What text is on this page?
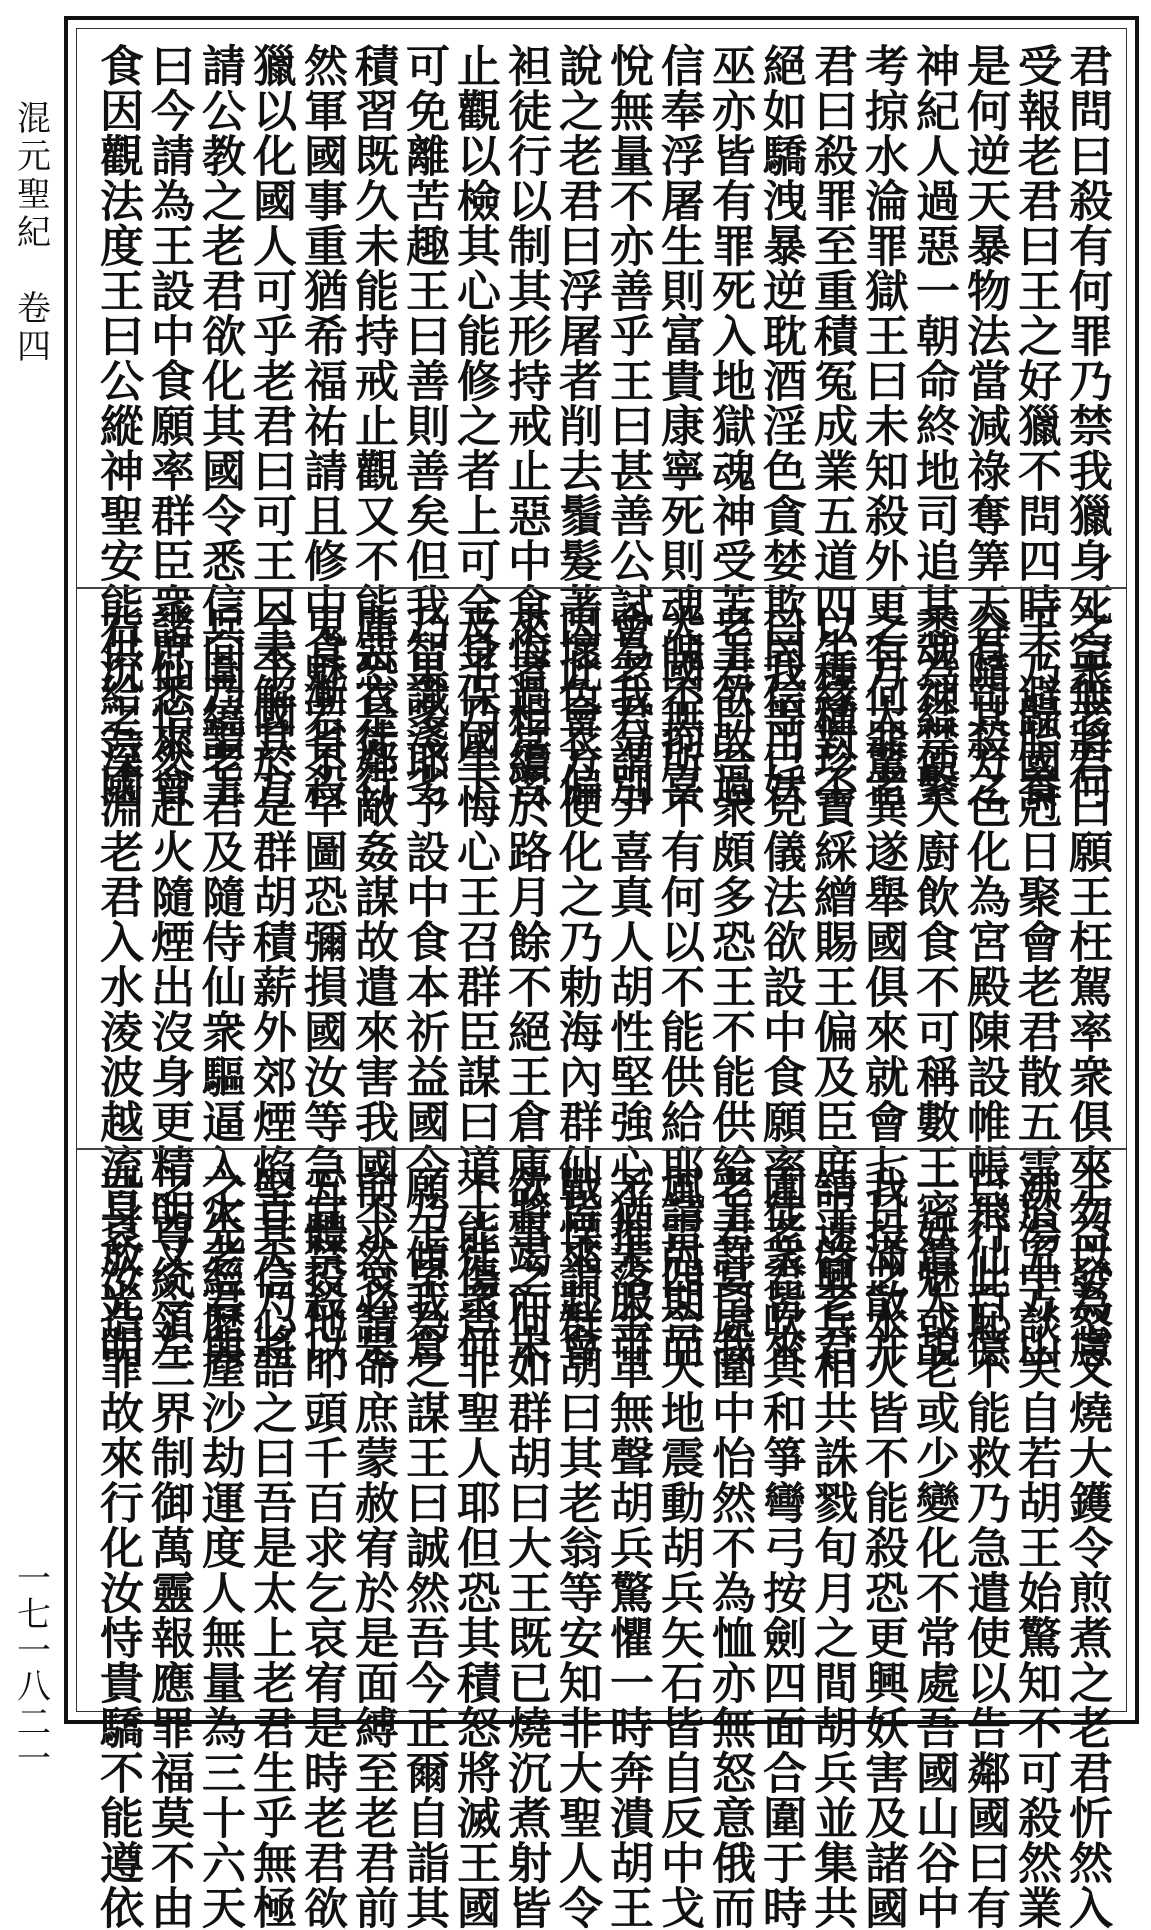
混元聖紀　卷四
一七一八二一
君問曰殺有何罪乃禁我獵身死空無將何
受報老君曰王之好獵不問四時不避胎養
是何逆天暴物法當減祿奪筭天有司殺之
神紀人過惡一朝命終地司追其魂神禁繫
考掠水淪罪獄王曰未知殺外更有何罪老
君曰殺罪至重積冤成業五道四生緣對不
絕如驕洩暴逆耽酒淫色貪婪欺罔信用妖
巫亦皆有罪死入地獄魂神受苦王欲改過
信奉浮屠生則富貴康寧死則魂魄不拘喜
悅無量不亦善乎王曰甚善公試為我分別
說之老君曰浮屠者削去鬚髮著壞色衣偏
袒徒行以制其形持戒止惡中食悔過常習
止觀以檢其心能修之者上可全身保國下
可免離苦趣王曰善則善矣但我智識淺劣
積習既久未能持戒止觀又不能惡衣徒行
然軍國事重猶希福祐請且修中食漸省殺
獵以化國人可乎老君曰可王曰未解其方
請公教之老君欲化其國令悉信向乃謂王
曰今請為王設中食願率群臣衆庶悉來會
食因觀法度王曰公縱神聖安能供給吾國
之衆老君曰願王枉駕率衆俱來勿以為慮
王乃歸國尅日聚會老君散五雲於五方山
谷隨其方色化為宮殿陳設帷帳飛仙百億
悉為給使天廚飲食不可稱數王密遣人覘
之方大驚異遂舉國俱來就會七日滿散并
以種種珍寶綵繒賜王偏及臣庶王啓老君
曰我等已見儀法欲設中食願率徒衆皆來
老君曰吾衆頗多恐王不能供給王許曰我
大國無所不有何以不能供給耶請尅期而
會老君謂尹喜真人胡性堅強心猶未服可
因此會方便化之乃勅海內群仙皆來赴會
來者相續於路月餘不絕王倉庫將竭而未
及半乃生悔心王召群臣謀曰道士徒衆何
乃果多耶予設中食本祈益國今乃傾我倉
庫恐是鄰敵姦謀故遣來害我國不然必是
鬼魅若不早圖恐彌損國汝等急宜禁殺以
全予國於是群胡積薪外郊煙焰亘天乃將
兵圍繞老君及隨侍仙衆驅逼入火老君與
諸仙怡然赴火隨煙出沒身更精明又令左
右沉之深淵老君入水淩波越流身放光明
王益發怒又燒大鑊令煎煮之老君忻然入
沸湯中談笑自若胡王始驚知不可殺然業
已行此恥不能救乃急遣使以告鄰國曰有
一妖魅或老或少變化不常處吾國山谷中
我投之水火皆不能殺恐更興妖害及諸國
請速興兵相共誅戮旬月之間胡兵並集共
圍老君吹具和箏彎弓按劍四面合圍于時
老君宴處圍中怡然不為恤亦無怒意俄而
風雷四合天地震動胡兵矢石皆自反中戈
矛摧落金革無聲胡兵驚懼一時奔潰胡王
戰慄謂群胡曰其老翁等安知非大聖人令
欲事之何如群胡曰大王既已燒沉煮射皆
不能傷豈非聖人耶但恐其積怒將滅王國
願王早為之謀王曰誠然吾今正爾自詣其
前求哀請命庶蒙赦宥於是面縛至老君前
五體投地叩頭千百求乞哀宥是時老君欲
堅其信心語之曰吾是太上老君生乎無極
之先經歷塵沙劫運度人無量為三十六天
之尊統領三界制御萬靈報應罪福莫不由
吾哀汝造罪故來行化汝恃貴驕不能遵依
